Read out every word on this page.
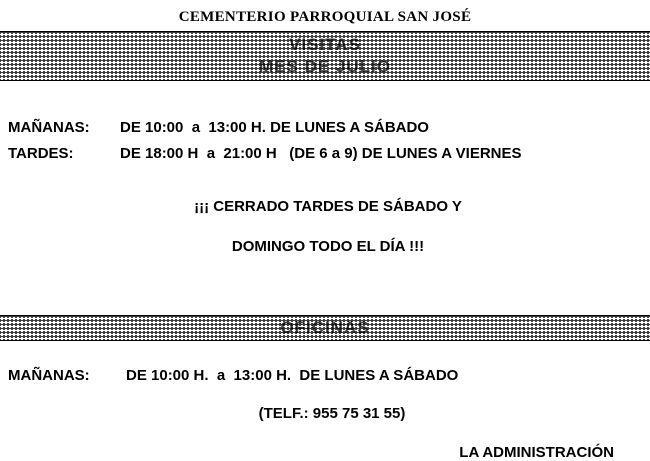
CEMENTERIO PARROQUIAL SAN JOSÉ
VISITAS
MES DE JULIO
MAÑANAS:	DE 10:00  a  13:00 H. DE LUNES A SÁBADO
TARDES:	DE 18:00 H  a  21:00 H   (DE 6 a 9) DE LUNES A VIERNES
¡¡¡ CERRADO TARDES DE SÁBADO Y
DOMINGO TODO EL DÍA !!!
OFICINAS
MAÑANAS:	DE 10:00 H.  a  13:00 H.  DE LUNES A SÁBADO
(TELF.: 955 75 31 55)
LA ADMINISTRACIÓN
